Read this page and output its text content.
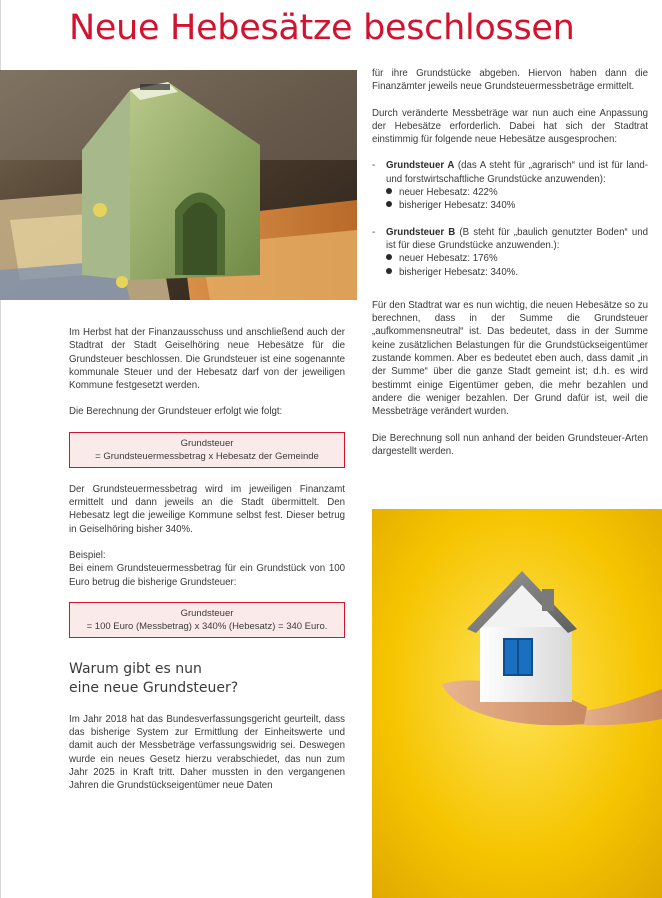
Neue Hebesätze beschlossen

Im Herbst hat der Finanzausschuss und anschließend auch der Stadtrat der Stadt Geiselhöring neue Hebesätze für die Grundsteuer beschlossen. Die Grundsteuer ist eine sogenannte kommunale Steuer und der Hebesatz darf von der jeweiligen Kommune festgesetzt werden.

Die Berechnung der Grundsteuer erfolgt wie folgt:

Grundsteuer
= Grundsteuermessbetrag x Hebesatz der Gemeinde

Der Grundsteuermessbetrag wird im jeweiligen Finanzamt ermittelt und dann jeweils an die Stadt übermittelt. Den Hebesatz legt die jeweilige Kommune selbst fest. Dieser betrug in Geiselhöring bisher 340%.

Beispiel:

Bei einem Grundsteuermessbetrag für ein Grundstück von 100 Euro betrug die bisherige Grundsteuer:

Grundsteuer
= 100 Euro (Messbetrag) x 340% (Hebesatz) = 340 Euro.
Warum gibt es nun
eine neue Grundsteuer?

Im Jahr 2018 hat das Bundesverfassungsgericht geurteilt, dass das bisherige System zur Ermittlung der Einheitswerte und damit auch der Messbeträge verfassungswidrig sei. Deswegen wurde ein neues Gesetz hierzu verabschiedet, das nun zum Jahr 2025 in Kraft tritt. Daher mussten in den vergangenen Jahren die Grundstückseigentümer neue Daten

für ihre Grundstücke abgeben. Hiervon haben dann die Finanzämter jeweils neue Grundsteuermessbeträge ermittelt.

Durch veränderte Messbeträge war nun auch eine Anpassung der Hebesätze erforderlich. Dabei hat sich der Stadtrat einstimmig für folgende neue Hebesätze ausgesprochen:

-	Grundsteuer A (das A steht für „agrarisch“ und ist für land- und forstwirtschaftliche Grundstücke anzuwenden):
neuer Hebesatz: 422%
bisheriger Hebesatz: 340%
-	Grundsteuer B (B steht für „baulich genutzter Boden“ und ist für diese Grundstücke anzuwenden.):
neuer Hebesatz: 176%
bisheriger Hebesatz: 340%.

Für den Stadtrat war es nun wichtig, die neuen Hebesätze so zu berechnen, dass in der Summe die Grundsteuer „aufkommensneutral“ ist. Das bedeutet, dass in der Summe keine zusätzlichen Belastungen für die Grundstückseigentümer zustande kommen. Aber es bedeutet eben auch, dass damit „in der Summe“ über die ganze Stadt gemeint ist; d.h. es wird bestimmt einige Eigentümer geben, die mehr bezahlen und andere die weniger bezahlen. Der Grund dafür ist, weil die Messbeträge verändert wurden.

Die Berechnung soll nun anhand der beiden Grundsteuer-Arten dargestellt werden.
